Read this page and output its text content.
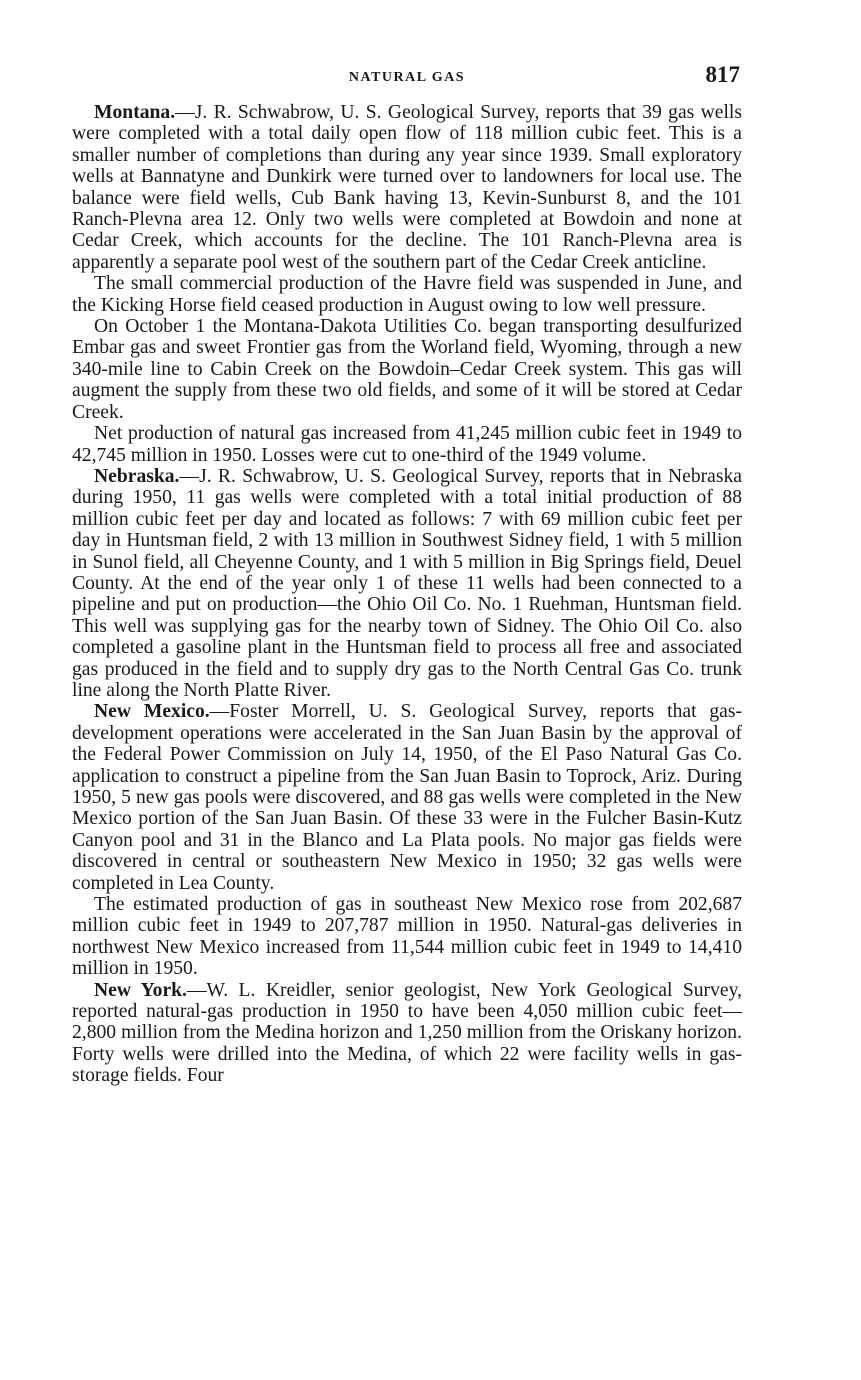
NATURAL GAS	817

Montana.—J. R. Schwabrow, U. S. Geological Survey, reports that 39 gas wells were completed with a total daily open flow of 118 million cubic feet. This is a smaller number of completions than during any year since 1939. Small exploratory wells at Bannatyne and Dunkirk were turned over to landowners for local use. The balance were field wells, Cub Bank having 13, Kevin-Sunburst 8, and the 101 Ranch-Plevna area 12. Only two wells were completed at Bowdoin and none at Cedar Creek, which accounts for the decline. The 101 Ranch-Plevna area is apparently a separate pool west of the southern part of the Cedar Creek anticline.

The small commercial production of the Havre field was suspended in June, and the Kicking Horse field ceased production in August owing to low well pressure.

On October 1 the Montana-Dakota Utilities Co. began transporting desulfurized Embar gas and sweet Frontier gas from the Worland field, Wyoming, through a new 340-mile line to Cabin Creek on the Bowdoin–Cedar Creek system. This gas will augment the supply from these two old fields, and some of it will be stored at Cedar Creek.

Net production of natural gas increased from 41,245 million cubic feet in 1949 to 42,745 million in 1950. Losses were cut to one-third of the 1949 volume.

Nebraska.—J. R. Schwabrow, U. S. Geological Survey, reports that in Nebraska during 1950, 11 gas wells were completed with a total initial production of 88 million cubic feet per day and located as follows: 7 with 69 million cubic feet per day in Huntsman field, 2 with 13 million in Southwest Sidney field, 1 with 5 million in Sunol field, all Cheyenne County, and 1 with 5 million in Big Springs field, Deuel County. At the end of the year only 1 of these 11 wells had been connected to a pipeline and put on production—the Ohio Oil Co. No. 1 Ruehman, Huntsman field. This well was supplying gas for the nearby town of Sidney. The Ohio Oil Co. also completed a gasoline plant in the Huntsman field to process all free and associated gas produced in the field and to supply dry gas to the North Central Gas Co. trunk line along the North Platte River.

New Mexico.—Foster Morrell, U. S. Geological Survey, reports that gas-development operations were accelerated in the San Juan Basin by the approval of the Federal Power Commission on July 14, 1950, of the El Paso Natural Gas Co. application to construct a pipeline from the San Juan Basin to Toprock, Ariz. During 1950, 5 new gas pools were discovered, and 88 gas wells were completed in the New Mexico portion of the San Juan Basin. Of these 33 were in the Fulcher Basin-Kutz Canyon pool and 31 in the Blanco and La Plata pools. No major gas fields were discovered in central or southeastern New Mexico in 1950; 32 gas wells were completed in Lea County.

The estimated production of gas in southeast New Mexico rose from 202,687 million cubic feet in 1949 to 207,787 million in 1950. Natural-gas deliveries in northwest New Mexico increased from 11,544 million cubic feet in 1949 to 14,410 million in 1950.

New York.—W. L. Kreidler, senior geologist, New York Geological Survey, reported natural-gas production in 1950 to have been 4,050 million cubic feet—2,800 million from the Medina horizon and 1,250 million from the Oriskany horizon. Forty wells were drilled into the Medina, of which 22 were facility wells in gas-storage fields. Four
